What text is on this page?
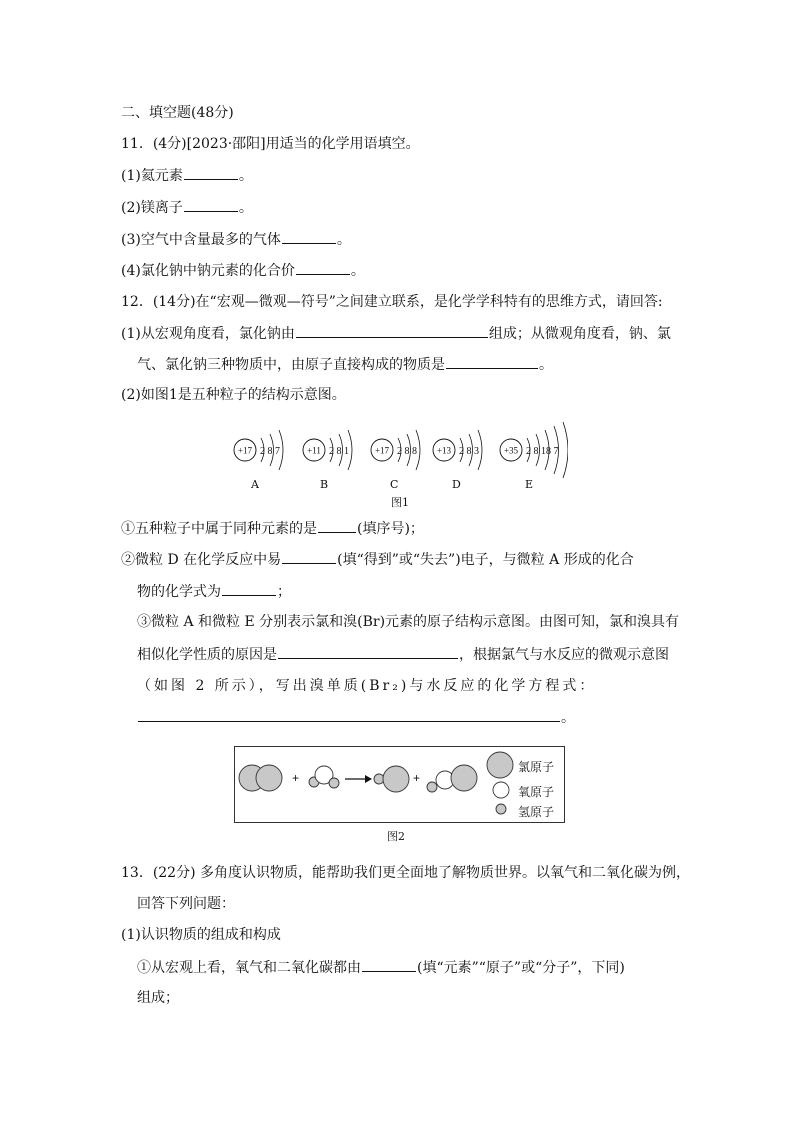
二、填空题(48分)
11．(4分)[2023·邵阳]用适当的化学用语填空。
(1)氦元素	。
(2)镁离子	。
(3)空气中含量最多的气体	。
(4)氯化钠中钠元素的化合价	。
12．(14分)在“宏观—微观—符号”之间建立联系，是化学学科特有的思维方式，请回答:
(1)从宏观角度看，氯化钠由	组成；从微观角度看，钠、氯
气、氯化钠三种物质中，由原子直接构成的物质是	。
(2)如图1是五种粒子的结构示意图。
+17 2 8 7	+11 2 8 1	+17 2 8 8 +13 2 8 3	+35 2 8 18 7
A	B	C	D	E
图1
①五种粒子中属于同种元素的是	(填序号)；
②微粒 D 在化学反应中易	(填“得到”或“失去”)电子，与微粒 A 形成的化合
物的化学式为	；
③微粒 A 和微粒 E 分别表示氯和溴(Br)元素的原子结构示意图。由图可知，氯和溴具有
相似化学性质的原因是	，根据氯气与水反应的微观示意图
（如图 2 所示），写出溴单质(Br₂)与水反应的化学方程式：
。
+	+
氯原子
氧原子
氢原子
图2
13．(22分) 多角度认识物质，能帮助我们更全面地了解物质世界。以氧气和二氧化碳为例，
回答下列问题：
(1)认识物质的组成和构成
①从宏观上看，氧气和二氧化碳都由	(填“元素”“原子”或“分子”，下同)
组成；
